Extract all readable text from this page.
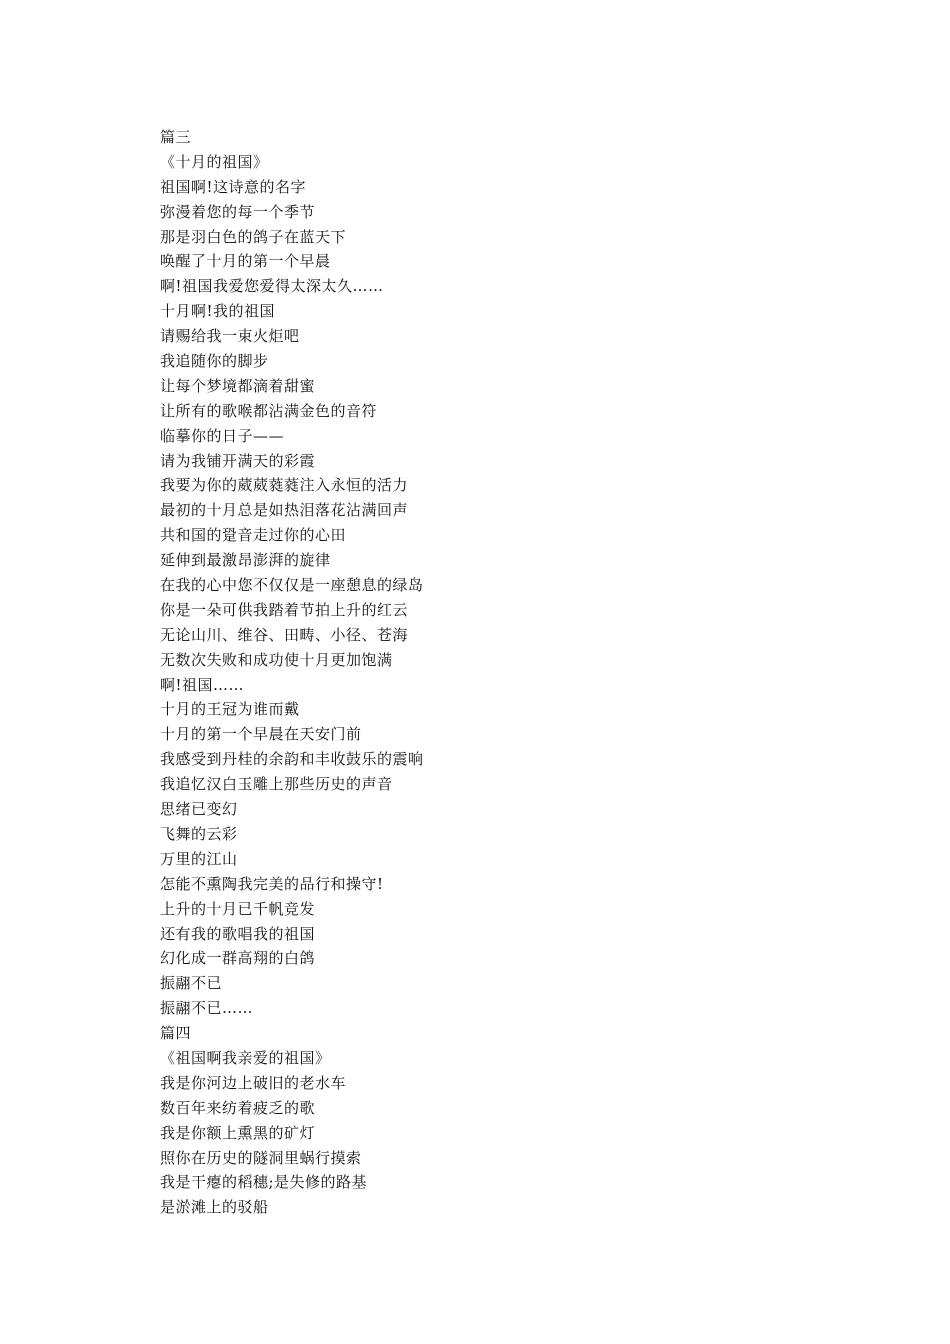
篇三
《十月的祖国》
祖国啊!这诗意的名字
弥漫着您的每一个季节
那是羽白色的鸽子在蓝天下
唤醒了十月的第一个早晨
啊!祖国我爱您爱得太深太久……
十月啊!我的祖国
请赐给我一束火炬吧
我追随你的脚步
让每个梦境都滴着甜蜜
让所有的歌喉都沾满金色的音符
临摹你的日子——
请为我铺开满天的彩霞
我要为你的葳葳蕤蕤注入永恒的活力
最初的十月总是如热泪落花沾满回声
共和国的跫音走过你的心田
延伸到最激昂澎湃的旋律
在我的心中您不仅仅是一座憩息的绿岛
你是一朵可供我踏着节拍上升的红云
无论山川、维谷、田畴、小径、苍海
无数次失败和成功使十月更加饱满
啊!祖国……
十月的王冠为谁而戴
十月的第一个早晨在天安门前
我感受到丹桂的余韵和丰收鼓乐的震响
我追忆汉白玉雕上那些历史的声音
思绪已变幻
飞舞的云彩
万里的江山
怎能不熏陶我完美的品行和操守!
上升的十月已千帆竞发
还有我的歌唱我的祖国
幻化成一群高翔的白鸽
振翮不已
振翮不已……
篇四
《祖国啊我亲爱的祖国》
我是你河边上破旧的老水车
数百年来纺着疲乏的歌
我是你额上熏黑的矿灯
照你在历史的隧洞里蜗行摸索
我是干瘪的稻穗;是失修的路基
是淤滩上的驳船
